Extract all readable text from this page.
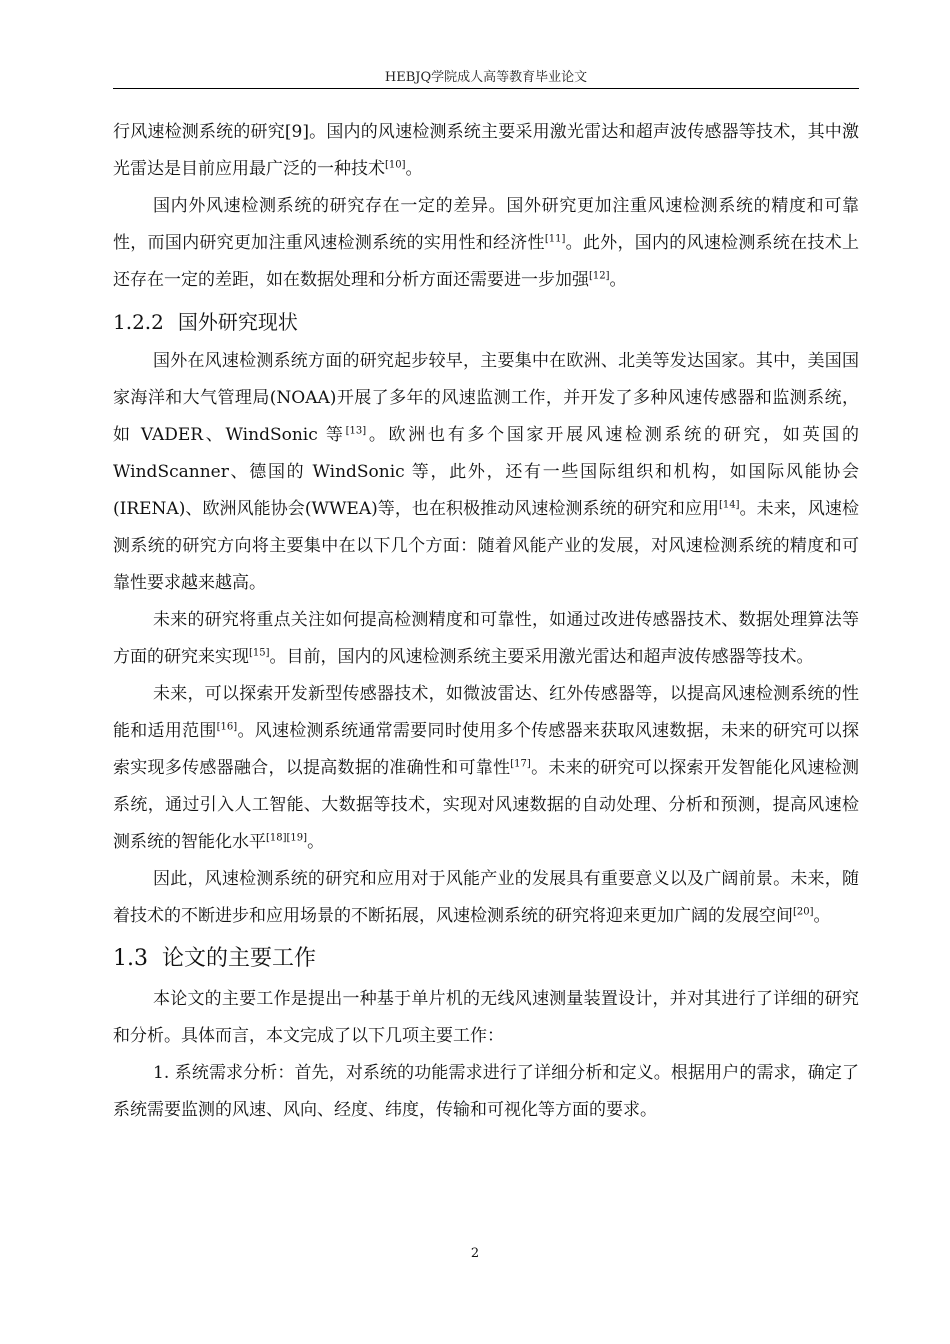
HEBJQ学院成人高等教育毕业论文

行风速检测系统的研究[9]。国内的风速检测系统主要采用激光雷达和超声波传感器等技术，其中激光雷达是目前应用最广泛的一种技术[10]。

国内外风速检测系统的研究存在一定的差异。国外研究更加注重风速检测系统的精度和可靠性，而国内研究更加注重风速检测系统的实用性和经济性[11]。此外，国内的风速检测系统在技术上还存在一定的差距，如在数据处理和分析方面还需要进一步加强[12]。

1.2.2 国外研究现状

国外在风速检测系统方面的研究起步较早，主要集中在欧洲、北美等发达国家。其中，美国国家海洋和大气管理局(NOAA)开展了多年的风速监测工作，并开发了多种风速传感器和监测系统，如 VADER、WindSonic 等[13]。欧洲也有多个国家开展风速检测系统的研究，如英国的 WindScanner、德国的 WindSonic 等，此外，还有一些国际组织和机构，如国际风能协会(IRENA)、欧洲风能协会(WWEA)等，也在积极推动风速检测系统的研究和应用[14]。未来，风速检测系统的研究方向将主要集中在以下几个方面：随着风能产业的发展，对风速检测系统的精度和可靠性要求越来越高。

未来的研究将重点关注如何提高检测精度和可靠性，如通过改进传感器技术、数据处理算法等方面的研究来实现[15]。目前，国内的风速检测系统主要采用激光雷达和超声波传感器等技术。

未来，可以探索开发新型传感器技术，如微波雷达、红外传感器等，以提高风速检测系统的性能和适用范围[16]。风速检测系统通常需要同时使用多个传感器来获取风速数据，未来的研究可以探索实现多传感器融合，以提高数据的准确性和可靠性[17]。未来的研究可以探索开发智能化风速检测系统，通过引入人工智能、大数据等技术，实现对风速数据的自动处理、分析和预测，提高风速检测系统的智能化水平[18][19]。

因此，风速检测系统的研究和应用对于风能产业的发展具有重要意义以及广阔前景。未来，随着技术的不断进步和应用场景的不断拓展，风速检测系统的研究将迎来更加广阔的发展空间[20]。

1.3 论文的主要工作

本论文的主要工作是提出一种基于单片机的无线风速测量装置设计，并对其进行了详细的研究和分析。具体而言，本文完成了以下几项主要工作：

1. 系统需求分析：首先，对系统的功能需求进行了详细分析和定义。根据用户的需求，确定了系统需要监测的风速、风向、经度、纬度，传输和可视化等方面的要求。

2
